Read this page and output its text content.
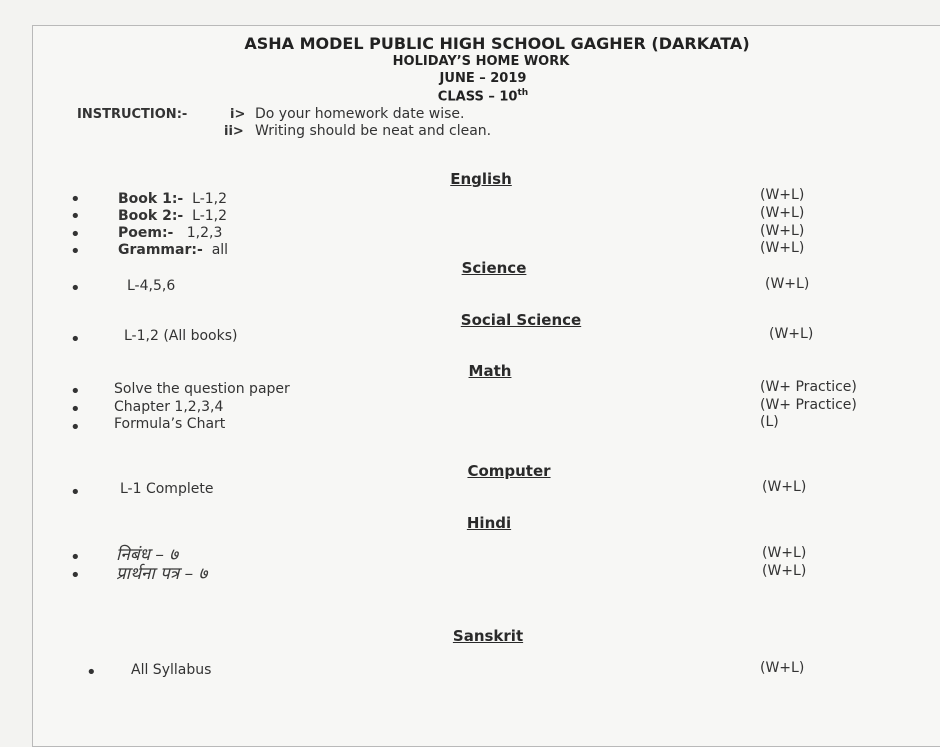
ASHA MODEL PUBLIC HIGH SCHOOL GAGHER (DARKATA)
HOLIDAY’S HOME WORK
JUNE – 2019
CLASS – 10th
INSTRUCTION:-	i> Do your homework date wise.
ii> Writing should be neat and clean.
English
•	Book 1:- L-1,2	(W+L)
•	Book 2:- L-1,2	(W+L)
•	Poem:- 1,2,3	(W+L)
•	Grammar:- all	(W+L)
Science
•	L-4,5,6	(W+L)
Social Science
•	L-1,2 (All books)	(W+L)
Math
• Solve the question paper	(W+ Practice)
• Chapter 1,2,3,4	(W+ Practice)
• Formula’s Chart	(L)
Computer
•	L-1 Complete	(W+L)
Hindi
• निबंध – ७	(W+L)
• प्रार्थना पत्र – ७	(W+L)
Sanskrit
• All Syllabus	(W+L)
